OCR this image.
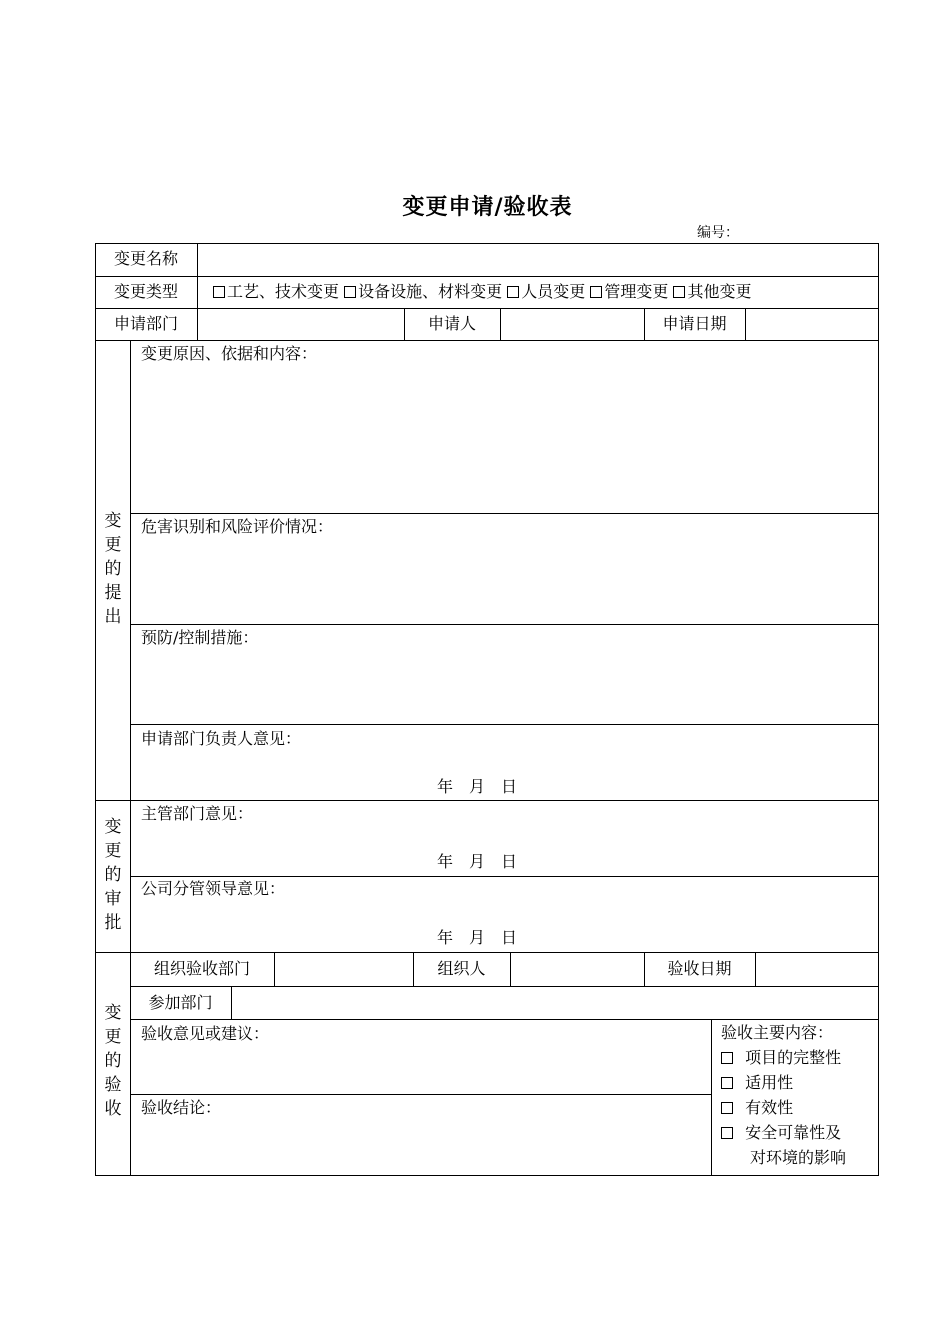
变更申请/验收表
编号：
变更名称
变更类型	工艺、技术变更 设备设施、材料变更 人员变更 管理变更 其他变更
申请部门	申请人	申请日期
变
更
的
提
出
变更原因、依据和内容：
危害识别和风险评价情况：
预防/控制措施：
申请部门负责人意见：
年　月　日
变
更
的
审
批
主管部门意见：
年　月　日
公司分管领导意见：
年　月　日
变
更
的
验
收
组织验收部门	组织人	验收日期
参加部门
验收意见或建议：
验收结论：
验收主要内容：
项目的完整性
适用性
有效性
安全可靠性及
对环境的影响
